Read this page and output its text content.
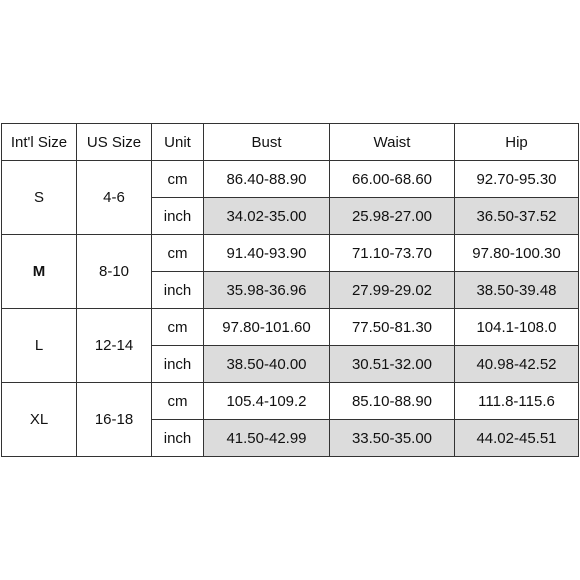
Int'l Size	US Size	Unit	Bust	Waist	Hip
S	4-6	cm	86.40-88.90	66.00-68.60	92.70-95.30
		inch	34.02-35.00	25.98-27.00	36.50-37.52
M	8-10	cm	91.40-93.90	71.10-73.70	97.80-100.30
		inch	35.98-36.96	27.99-29.02	38.50-39.48
L	12-14	cm	97.80-101.60	77.50-81.30	104.1-108.0
		inch	38.50-40.00	30.51-32.00	40.98-42.52
XL	16-18	cm	105.4-109.2	85.10-88.90	111.8-115.6
		inch	41.50-42.99	33.50-35.00	44.02-45.51
